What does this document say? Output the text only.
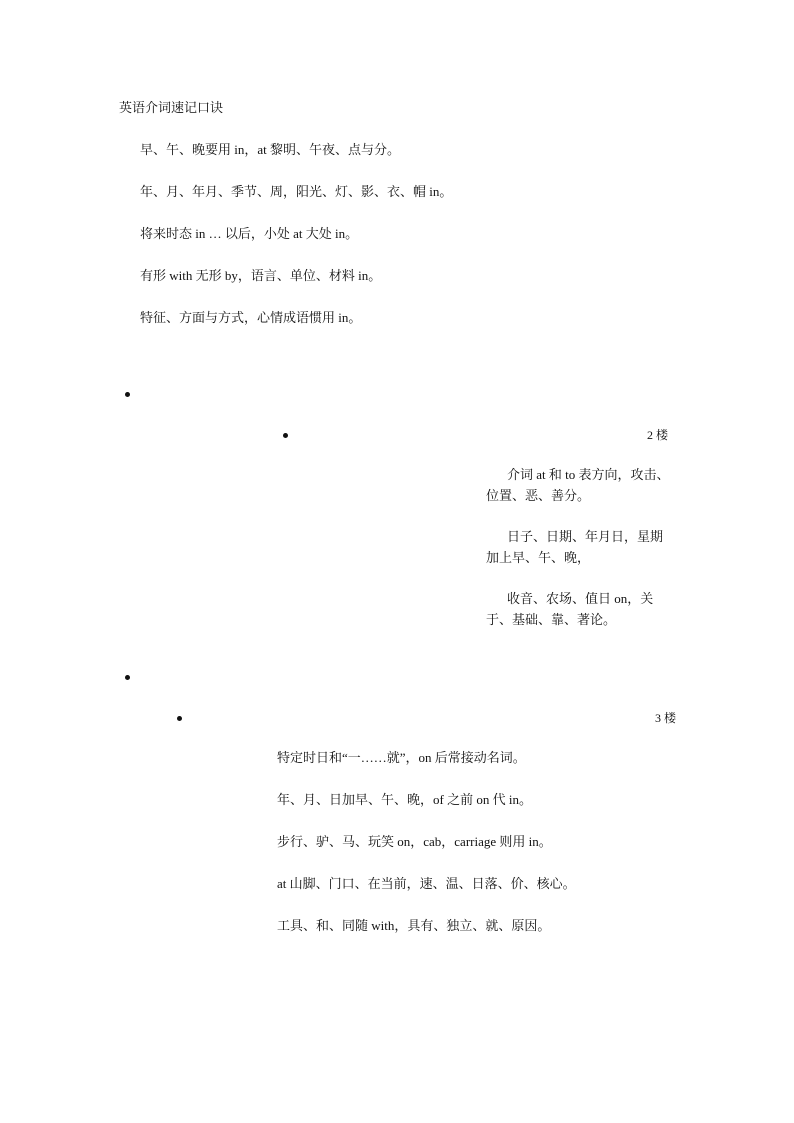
英语介词速记口诀

早、午、晚要用 in，at 黎明、午夜、点与分。

年、月、年月、季节、周，阳光、灯、影、衣、帽 in。

将来时态 in … 以后，小处 at 大处 in。

有形 with 无形 by，语言、单位、材料 in。

特征、方面与方式，心情成语惯用 in。

2 楼

介词 at 和 to 表方向，攻击、位置、恶、善分。

日子、日期、年月日，星期加上早、午、晚，

收音、农场、值日 on，关于、基础、靠、著论。

3 楼

特定时日和“一……就”，on 后常接动名词。

年、月、日加早、午、晚，of 之前 on 代 in。

步行、驴、马、玩笑 on，cab，carriage 则用 in。

at 山脚、门口、在当前，速、温、日落、价、核心。

工具、和、同随 with，具有、独立、就、原因。
